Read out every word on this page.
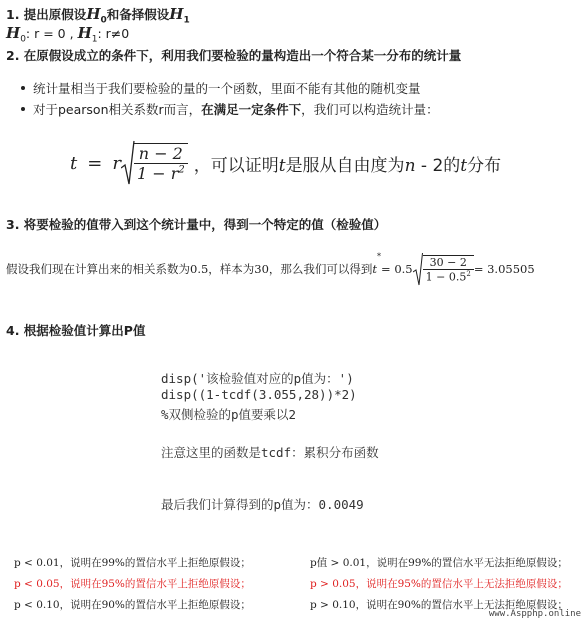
1. 提出原假设$H_0$和备择假设$H_1$
$H_0$: r = 0 , $H_1$: r≠0
2. 在原假设成立的条件下，利用我们要检验的量构造出一个符合某一分布的统计量
统计量相当于我们要检验的量的一个函数，里面不能有其他的随机变量
对于pearson相关系数r而言，在满足一定条件下，我们可以构造统计量：
t = r $\frac{n - 2}{1 - r^2}$ ，可以证明t是服从自由度为n - 2的t分布
3. 将要检验的值带入到这个统计量中，得到一个特定的值（检验值）
假设我们现在计算出来的相关系数为0.5，样本为30，那么我们可以得到 t
*
= $0.5 \frac{30 - 2}{1 - 0.5^2} = 3.05505$
4. 根据检验值计算出P值
disp('该检验值对应的p值为：')
disp((1-tcdf(3.055,28))*2)
%双侧检验的p值要乘以2
注意这里的函数是tcdf：累积分布函数
最后我们计算得到的p值为：0.0049
p < 0.01，说明在99%的置信水平上拒绝原假设；	p值 > 0.01，说明在99%的置信水平无法拒绝原假设；
p < 0.05，说明在95%的置信水平上拒绝原假设；	p > 0.05，说明在95%的置信水平上无法拒绝原假设；
p < 0.10，说明在90%的置信水平上拒绝原假设；	p > 0.10，说明在90%的置信水平上无法拒绝原假设；
www.Aspphp.online
